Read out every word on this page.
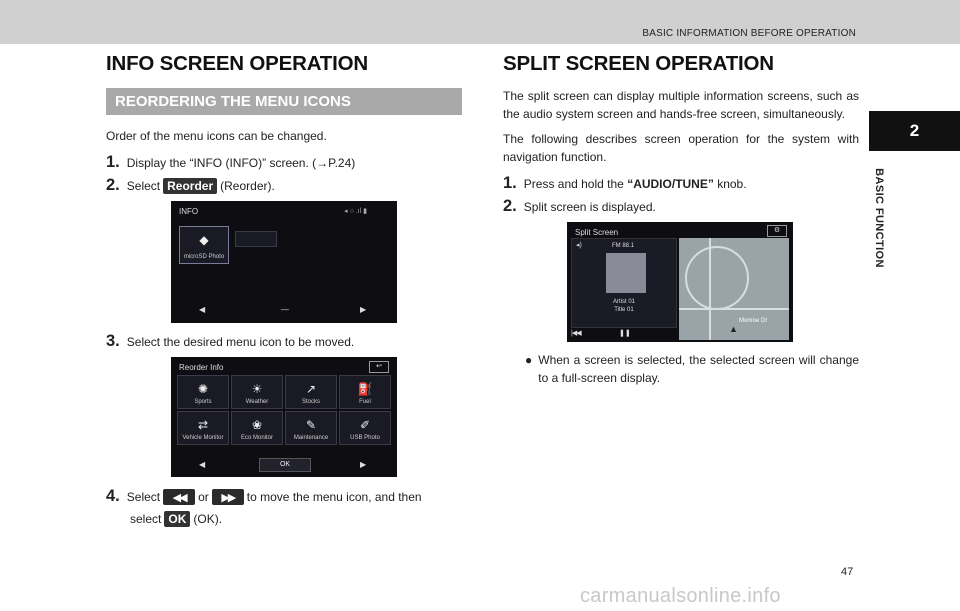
BASIC INFORMATION BEFORE OPERATION
2
BASIC FUNCTION
INFO SCREEN OPERATION
REORDERING THE MENU ICONS

Order of the menu icons can be changed.

1. Display the “INFO (INFO)” screen. (→P.24)
2. Select Reorder (Reorder).
INFO	◂ ○ .ıl ▮
◆
microSD Photo
◀	—	▶
3. Select the desired menu icon to be moved.
Reorder Info	↩
✺
Sports
☀
Weather
↗
Stocks
⛽
Fuel
⇄
Vehicle Monitor
❀
Eco Monitor
✎
Maintenance
✐
USB Photo
◀	OK	▶
4. Select	◀◀	or	▶▶	to move the menu icon, and then
select OK (OK).
SPLIT SCREEN OPERATION

The split screen can display multiple information screens, such as the audio system screen and hands-free screen, simultaneously.

The following describes screen operation for the system with navigation function.

1. Press and hold the
“AUDIO/TUNE”
knob.
2. Split screen is displayed.
Split Screen	⚙
◂)	FM 88.1
Artist 01
Title 01
|◀◀	❚❚
Monroe Dr
▲
● When a screen is selected, the selected screen will change to a full-screen display.
47
carmanualsonline.info
